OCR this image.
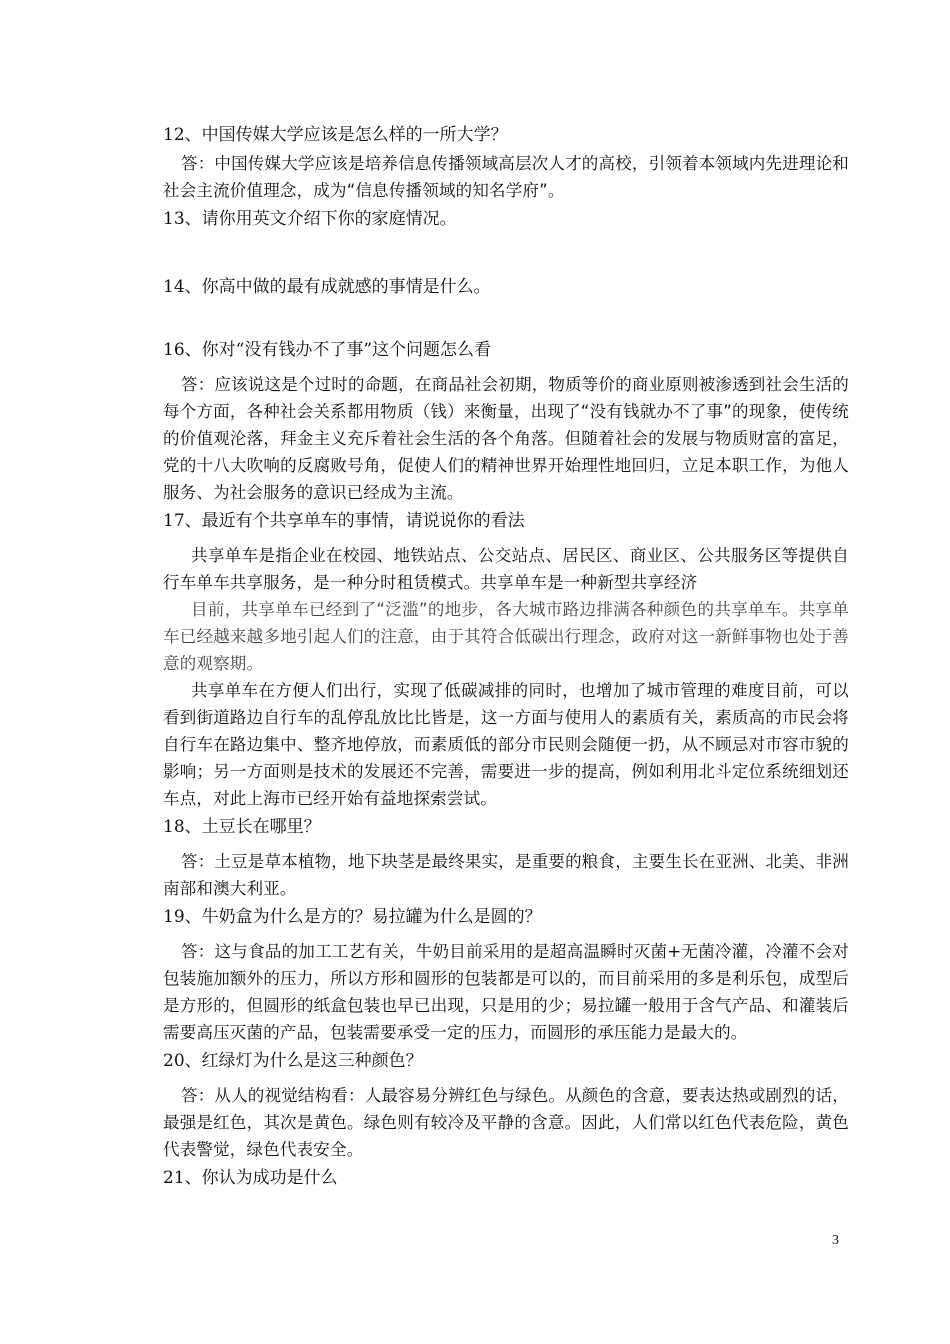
12、中国传媒大学应该是怎么样的一所大学？
答：中国传媒大学应该是培养信息传播领域高层次人才的高校，引领着本领域内先进理论和社会主流价值理念，成为“信息传播领域的知名学府”。
13、请你用英文介绍下你的家庭情况。
14、你高中做的最有成就感的事情是什么。
16、你对“没有钱办不了事”这个问题怎么看
答：应该说这是个过时的命题，在商品社会初期，物质等价的商业原则被渗透到社会生活的每个方面，各种社会关系都用物质（钱）来衡量，出现了“没有钱就办不了事”的现象，使传统的价值观沦落，拜金主义充斥着社会生活的各个角落。但随着社会的发展与物质财富的富足，党的十八大吹响的反腐败号角，促使人们的精神世界开始理性地回归，立足本职工作，为他人服务、为社会服务的意识已经成为主流。
17、最近有个共享单车的事情，请说说你的看法
共享单车是指企业在校园、地铁站点、公交站点、居民区、商业区、公共服务区等提供自行车单车共享服务，是一种分时租赁模式。共享单车是一种新型共享经济
目前，共享单车已经到了“泛滥”的地步，各大城市路边排满各种颜色的共享单车。共享单车已经越来越多地引起人们的注意，由于其符合低碳出行理念，政府对这一新鲜事物也处于善意的观察期。
共享单车在方便人们出行，实现了低碳减排的同时，也增加了城市管理的难度目前，可以看到街道路边自行车的乱停乱放比比皆是，这一方面与使用人的素质有关，素质高的市民会将自行车在路边集中、整齐地停放，而素质低的部分市民则会随便一扔，从不顾忌对市容市貌的影响；另一方面则是技术的发展还不完善，需要进一步的提高，例如利用北斗定位系统细划还车点，对此上海市已经开始有益地探索尝试。
18、土豆长在哪里？
答：土豆是草本植物，地下块茎是最终果实，是重要的粮食，主要生长在亚洲、北美、非洲南部和澳大利亚。
19、牛奶盒为什么是方的？易拉罐为什么是圆的？
答：这与食品的加工工艺有关，牛奶目前采用的是超高温瞬时灭菌+无菌冷灌，冷灌不会对包装施加额外的压力，所以方形和圆形的包装都是可以的，而目前采用的多是利乐包，成型后是方形的，但圆形的纸盒包装也早已出现，只是用的少；易拉罐一般用于含气产品、和灌装后需要高压灭菌的产品，包装需要承受一定的压力，而圆形的承压能力是最大的。
20、红绿灯为什么是这三种颜色？
答：从人的视觉结构看：人最容易分辨红色与绿色。从颜色的含意，要表达热或剧烈的话，最强是红色，其次是黄色。绿色则有较冷及平静的含意。因此，人们常以红色代表危险，黄色代表警觉，绿色代表安全。
21、你认为成功是什么
3
